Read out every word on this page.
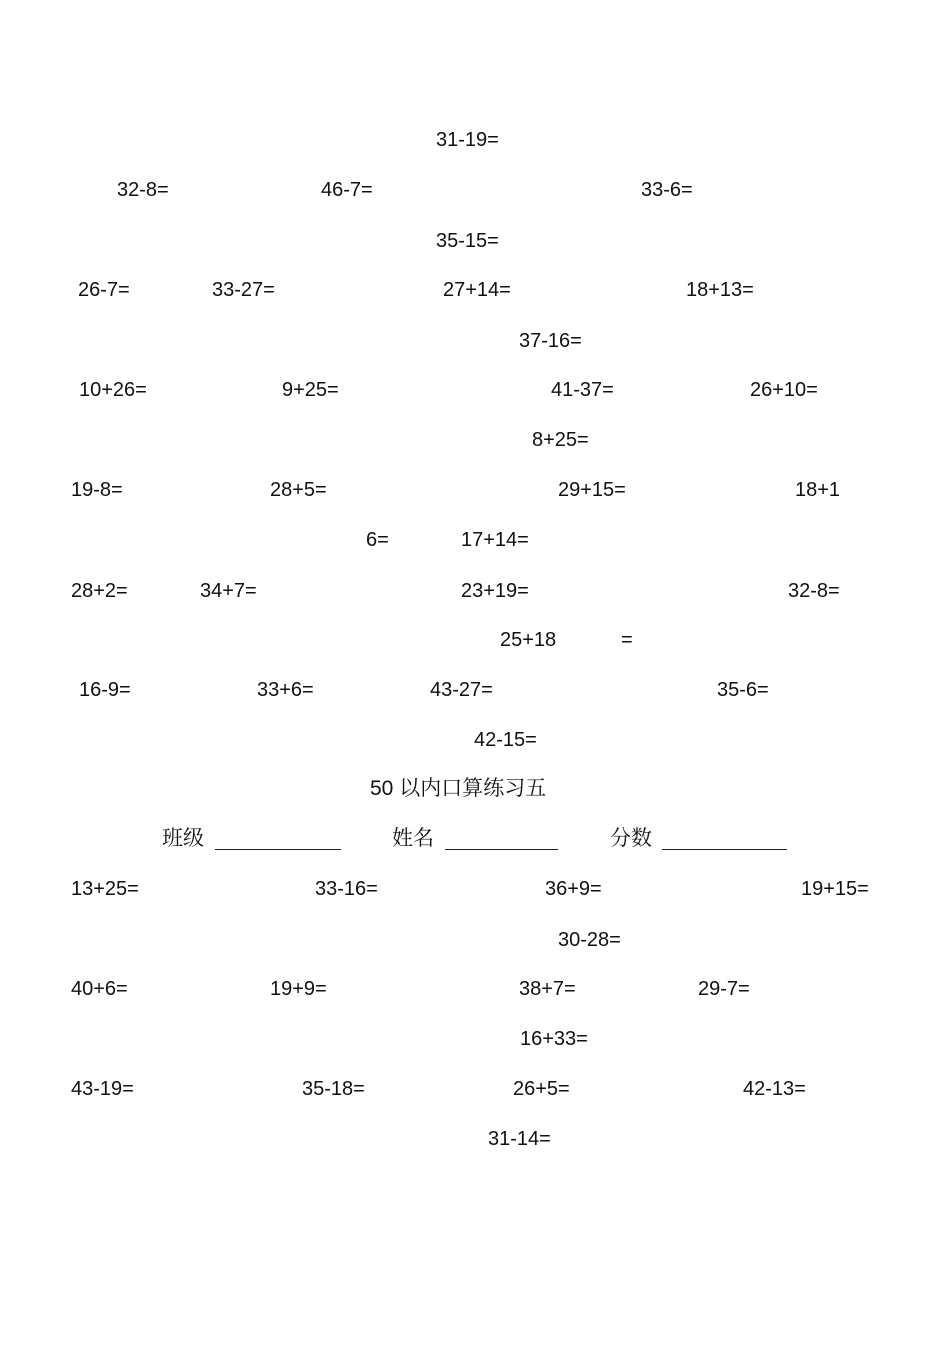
31-19=
32-8=	46-7=	33-6=
35-15=
26-7=	33-27=	27+14=	18+13=
37-16=
10+26=	9+25=	41-37=	26+10=
8+25=
19-8=	28+5=	29+15=	18+1
6=	17+14=
28+2=	34+7=	23+19=	32-8=
25+18	=
16-9=	33+6=	43-27=	35-6=
42-15=
50 以内口算练习五
班级	姓名	分数
13+25=	33-16=	36+9=	19+15=
30-28=
40+6=	19+9=	38+7=	29-7=
16+33=
43-19=	35-18=	26+5=	42-13=
31-14=
